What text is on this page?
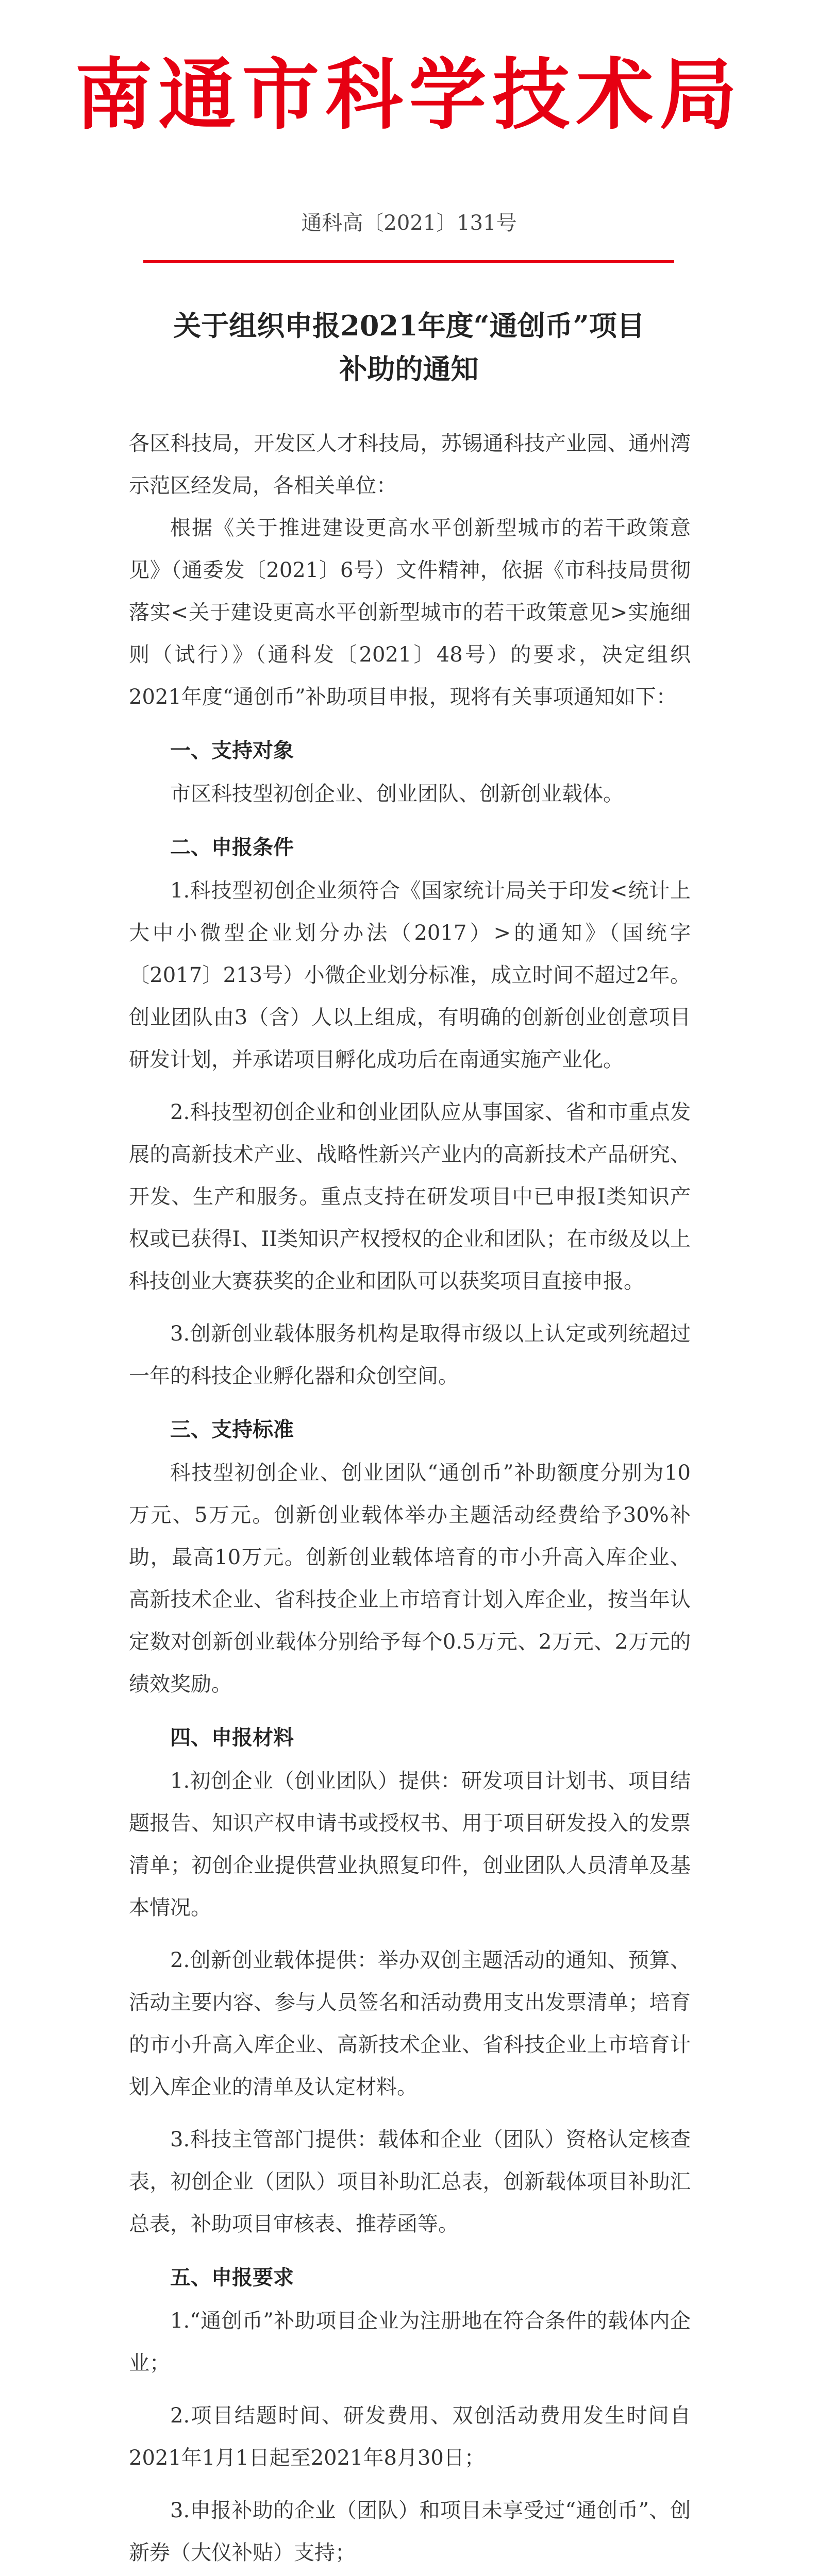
南通市科学技术局
通科高〔2021〕131号
关于组织申报2021年度“通创币”项目
补助的通知

各区科技局，开发区人才科技局，苏锡通科技产业园、通州湾示范区经发局，各相关单位：

根据《关于推进建设更高水平创新型城市的若干政策意见》（通委发〔2021〕6号）文件精神，依据《市科技局贯彻落实<关于建设更高水平创新型城市的若干政策意见>实施细则（试行）》（通科发〔2021〕48号）的要求，决定组织2021年度“通创币”补助项目申报，现将有关事项通知如下：

一、支持对象

市区科技型初创企业、创业团队、创新创业载体。

二、申报条件

1.科技型初创企业须符合《国家统计局关于印发<统计上大中小微型企业划分办法（2017）>的通知》（国统字〔2017〕213号）小微企业划分标准，成立时间不超过2年。创业团队由3（含）人以上组成，有明确的创新创业创意项目研发计划，并承诺项目孵化成功后在南通实施产业化。

2.科技型初创企业和创业团队应从事国家、省和市重点发展的高新技术产业、战略性新兴产业内的高新技术产品研究、开发、生产和服务。重点支持在研发项目中已申报I类知识产权或已获得I、II类知识产权授权的企业和团队；在市级及以上科技创业大赛获奖的企业和团队可以获奖项目直接申报。

3.创新创业载体服务机构是取得市级以上认定或列统超过一年的科技企业孵化器和众创空间。

三、支持标准

科技型初创企业、创业团队“通创币”补助额度分别为10万元、5万元。创新创业载体举办主题活动经费给予30%补助，最高10万元。创新创业载体培育的市小升高入库企业、高新技术企业、省科技企业上市培育计划入库企业，按当年认定数对创新创业载体分别给予每个0.5万元、2万元、2万元的绩效奖励。

四、申报材料

1.初创企业（创业团队）提供：研发项目计划书、项目结题报告、知识产权申请书或授权书、用于项目研发投入的发票清单；初创企业提供营业执照复印件，创业团队人员清单及基本情况。

2.创新创业载体提供：举办双创主题活动的通知、预算、活动主要内容、参与人员签名和活动费用支出发票清单；培育的市小升高入库企业、高新技术企业、省科技企业上市培育计划入库企业的清单及认定材料。

3.科技主管部门提供：载体和企业（团队）资格认定核查表，初创企业（团队）项目补助汇总表，创新载体项目补助汇总表，补助项目审核表、推荐函等。

五、申报要求

1.“通创币”补助项目企业为注册地在符合条件的载体内企业；

2.项目结题时间、研发费用、双创活动费用发生时间自2021年1月1日起至2021年8月30日；

3.申报补助的企业（团队）和项目未享受过“通创币”、创新券（大仪补贴）支持；
